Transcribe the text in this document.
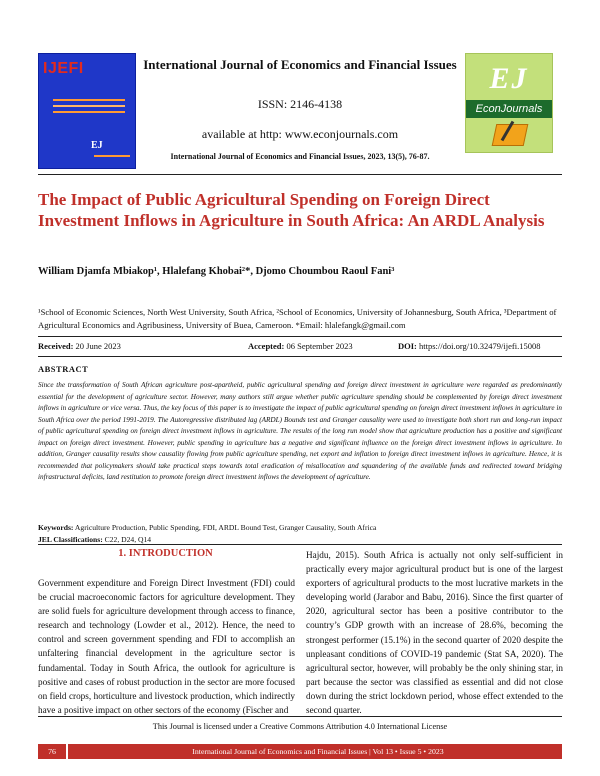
IJEFI
EJ
International Journal of Economics and Financial Issues
ISSN: 2146-4138
available at http: www.econjournals.com
International Journal of Economics and Financial Issues, 2023, 13(5), 76-87.
EJ
EconJournals
The Impact of Public Agricultural Spending on Foreign Direct Investment Inflows in Agriculture in South Africa: An ARDL Analysis
William Djamfa Mbiakop¹, Hlalefang Khobai²*, Djomo Choumbou Raoul Fani³
¹School of Economic Sciences, North West University, South Africa, ²School of Economics, University of Johannesburg, South Africa, ³Department of Agricultural Economics and Agribusiness, University of Buea, Cameroon. *Email: hlalefangk@gmail.com
Received: 20 June 2023	Accepted: 06 September 2023	DOI: https://doi.org/10.32479/ijefi.15008
ABSTRACT
Since the transformation of South African agriculture post-apartheid, public agricultural spending and foreign direct investment in agriculture were regarded as predominantly essential for the development of agriculture sector. However, many authors still argue whether public agriculture spending should be complemented by foreign direct investment inflows in agriculture or vice versa. Thus, the key focus of this paper is to investigate the impact of public agricultural spending on foreign direct investment inflows in agriculture in South Africa over the period 1991-2019. The Autoregressive distributed lag (ARDL) Bounds test and Granger causality were used to investigate both short run and long-run impact of public agricultural spending on foreign direct investment inflows in agriculture. The results of the long run model show that agriculture production has a positive and significant impact on foreign direct investment. However, public spending in agriculture has a negative and significant influence on the foreign direct investment inflows in agriculture. In addition, Granger causality results show causality flowing from public agriculture spending, net export and inflation to foreign direct investment inflows in agriculture. Hence, it is recommended that policymakers should take practical steps towards total eradication of misallocation and squandering of the available funds and redirected toward bridging infrastructural deficits, land restitution to promote foreign direct investment inflows the development of agriculture.
Keywords: Agriculture Production, Public Spending, FDI, ARDL Bound Test, Granger Causality, South Africa
JEL Classifications: C22, D24, Q14
1. INTRODUCTION
Government expenditure and Foreign Direct Investment (FDI) could be crucial macroeconomic factors for agriculture development. They are solid fuels for agriculture development through access to finance, research and technology (Lowder et al., 2012). Hence, the need to control and screen government spending and FDI to accomplish an unfaltering financial development in the agriculture sector is fundamental. Today in South Africa, the outlook for agriculture is positive and cases of robust production in the sector are more focused on field crops, horticulture and livestock production, which indirectly have a positive impact on other sectors of the economy (Fischer and
Hajdu, 2015). South Africa is actually not only self-sufficient in practically every major agricultural product but is one of the largest exporters of agricultural products to the most lucrative markets in the developing world (Jarabor and Babu, 2016). Since the first quarter of 2020, agricultural sector has been a positive contributor to the country’s GDP growth with an increase of 28.6%, becoming the strongest performer (15.1%) in the second quarter of 2020 despite the unpleasant conditions of COVID-19 pandemic (Stat SA, 2020). The agricultural sector, however, will probably be the only shining star, in part because the sector was classified as essential and did not close down during the strict lockdown period, whose effect extended to the second quarter.
This Journal is licensed under a Creative Commons Attribution 4.0 International License
76	International Journal of Economics and Financial Issues | Vol 13 • Issue 5 • 2023
